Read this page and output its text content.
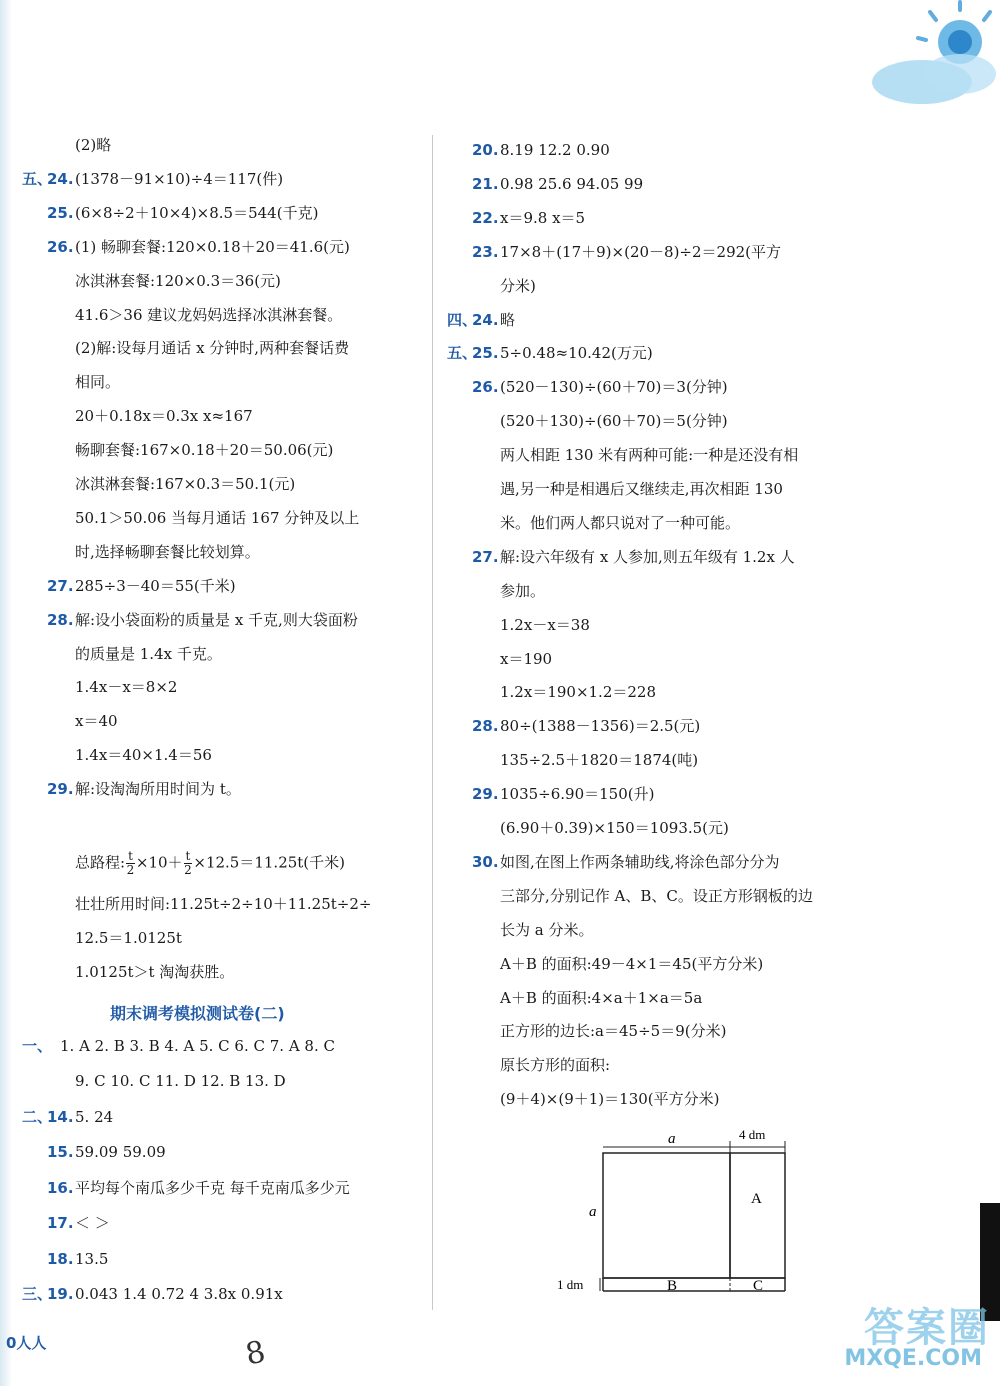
总路程: $\frac{t}{2} \times 10+ \frac{t}{2} \times 12.5=11.25t$(千米)
期末调考模拟测试卷(二)
a	4 dm
a
A
B	C
1 dm
0人人	8
答案圈
MXQE.COM
(2)略
五、
24. (1378－91×10)÷4＝117(件)
25. (6×8÷2＋10×4)×8.5＝544(千克)
26. (1) 畅聊套餐:120×0.18＋20＝41.6(元)
冰淇淋套餐:120×0.3＝36(元)
41.6＞36 建议龙妈妈选择冰淇淋套餐。
(2)解:设每月通话 x 分钟时,两种套餐话费
相同。
20＋0.18x＝0.3x x≈167
畅聊套餐:167×0.18＋20＝50.06(元)
冰淇淋套餐:167×0.3＝50.1(元)
50.1＞50.06 当每月通话 167 分钟及以上
时,选择畅聊套餐比较划算。
27. 285÷3－40＝55(千米)
28. 解:设小袋面粉的质量是 x 千克,则大袋面粉
的质量是 1.4x 千克。
1.4x－x＝8×2
x＝40
1.4x＝40×1.4＝56
29. 解:设淘淘所用时间为 t。
壮壮所用时间:11.25t÷2÷10＋11.25t÷2÷
12.5＝1.0125t
1.0125t＞t 淘淘获胜。
一、 1. A 2. B 3. B 4. A 5. C 6. C 7. A 8. C
9. C 10. C 11. D 12. B 13. D
二、
14. 5. 24
15. 59.09 59.09
16. 平均每个南瓜多少千克 每千克南瓜多少元
17. ＜ ＞
18. 13.5
三、
19. 0.043 1.4 0.72 4 3.8x 0.91x
20. 8.19 12.2 0.90
21. 0.98 25.6 94.05 99
22. x＝9.8 x＝5
23. 17×8＋(17＋9)×(20－8)÷2＝292(平方
分米)
四、
24. 略
五、
25. 5÷0.48≈10.42(万元)
26. (520－130)÷(60＋70)＝3(分钟)
(520＋130)÷(60＋70)＝5(分钟)
两人相距 130 米有两种可能:一种是还没有相
遇,另一种是相遇后又继续走,再次相距 130
米。他们两人都只说对了一种可能。
27. 解:设六年级有 x 人参加,则五年级有 1.2x 人
参加。
1.2x－x＝38
x＝190
1.2x＝190×1.2＝228
28. 80÷(1388－1356)＝2.5(元)
135÷2.5＋1820＝1874(吨)
29. 1035÷6.90＝150(升)
(6.90＋0.39)×150＝1093.5(元)
30. 如图,在图上作两条辅助线,将涂色部分分为
三部分,分别记作 A、B、C。设正方形钢板的边
长为 a 分米。
A＋B 的面积:49－4×1＝45(平方分米)
A＋B 的面积:4×a＋1×a＝5a
正方形的边长:a＝45÷5＝9(分米)
原长方形的面积:
(9＋4)×(9＋1)＝130(平方分米)
